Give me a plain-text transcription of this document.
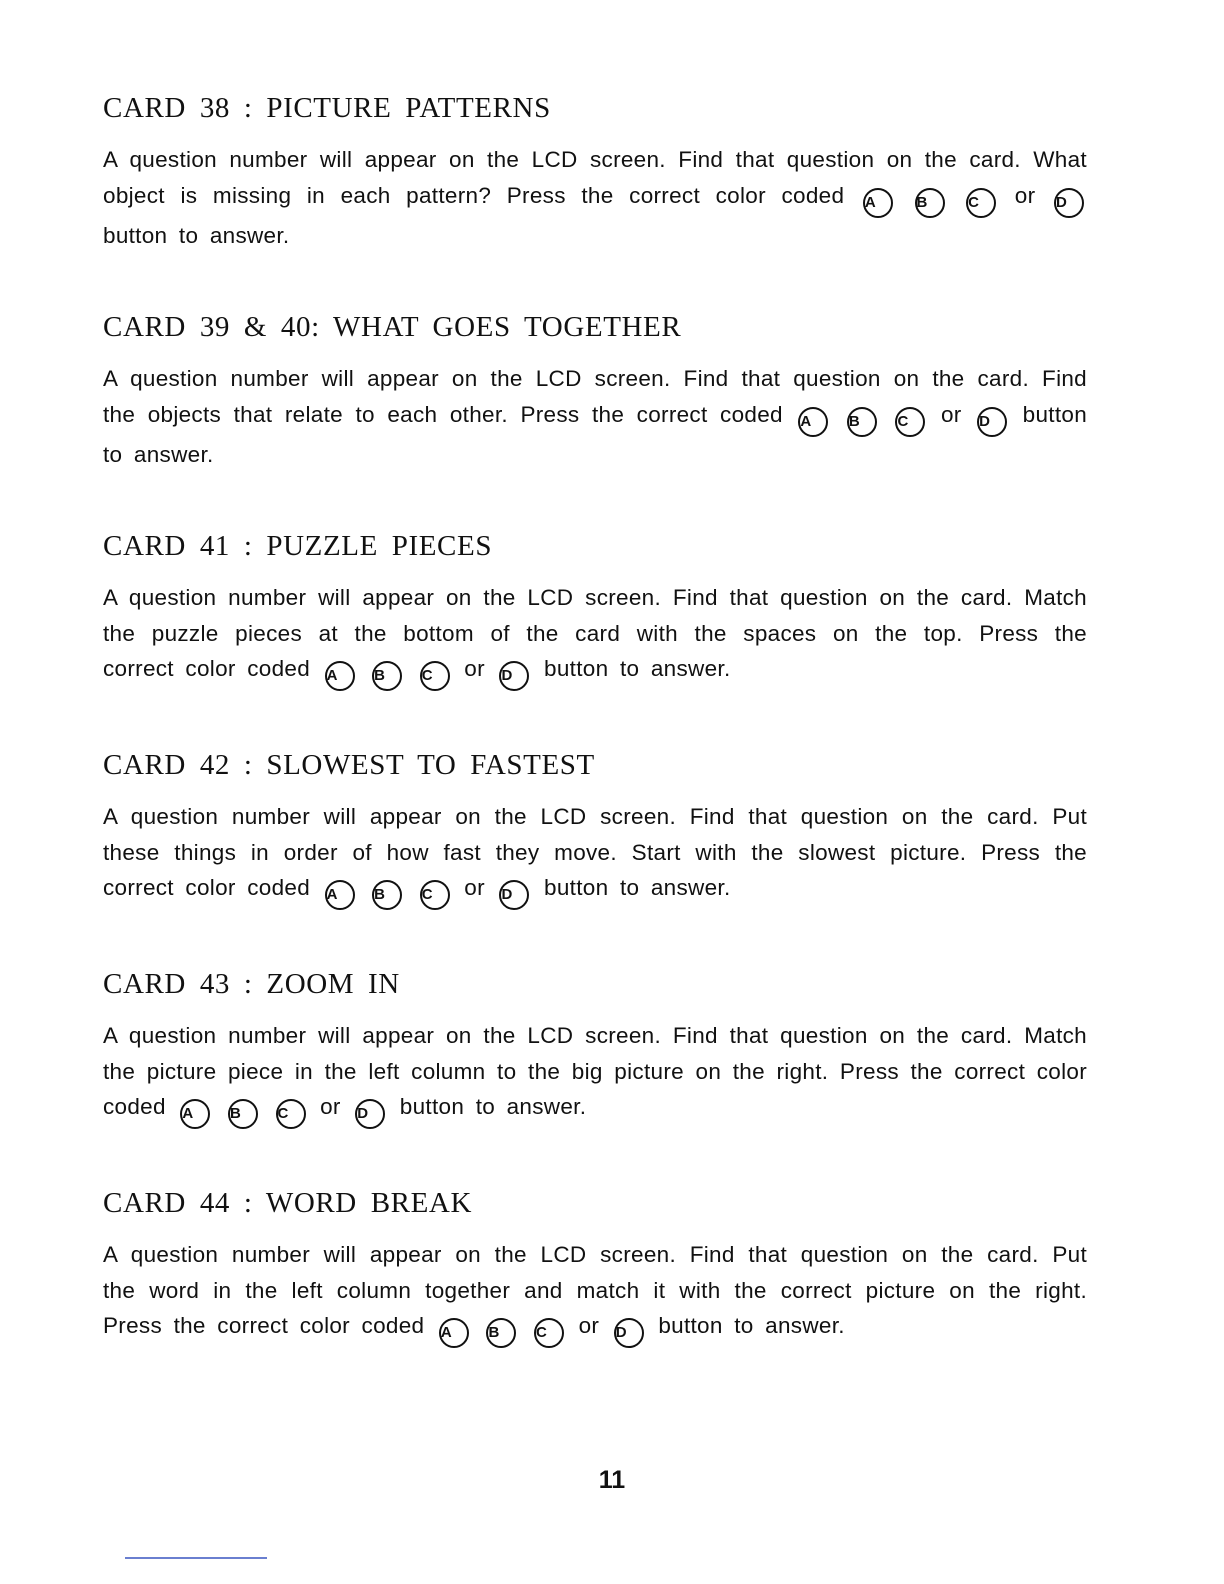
CARD 38 : PICTURE PATTERNS

A question number will appear on the LCD screen. Find that question on the card. What object is missing in each pattern? Press the correct color coded A	B	C or D button to answer.

CARD 39 & 40: WHAT GOES TOGETHER

A question number will appear on the LCD screen. Find that question on the card. Find the objects that relate to each other. Press the correct coded A	B	C or D button to answer.

CARD 41 : PUZZLE PIECES

A question number will appear on the LCD screen. Find that question on the card. Match the puzzle pieces at the bottom of the card with the spaces on the top. Press the correct color coded A B C or D button to answer.

CARD 42 : SLOWEST TO FASTEST

A question number will appear on the LCD screen. Find that question on the card. Put these things in order of how fast they move. Start with the slowest picture. Press the correct color coded A B C or D button to answer.

CARD 43 : ZOOM IN

A question number will appear on the LCD screen. Find that question on the card. Match the picture piece in the left column to the big picture on the right. Press the correct color coded A B C or D button to answer.

CARD 44 : WORD BREAK

A question number will appear on the LCD screen. Find that question on the card. Put the word in the left column together and match it with the correct picture on the right. Press the correct color coded A B C or D button to answer.

11
